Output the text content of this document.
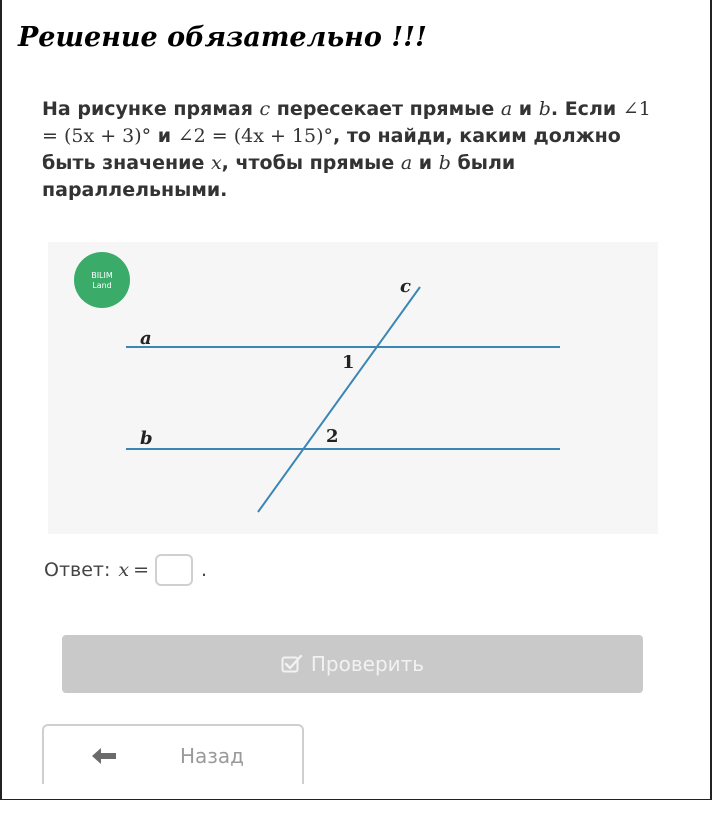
Решение обязательно !!!
На рисунке прямая c пересекает прямые a и b. Если ∠1 = (5x + 3)° и ∠2 = (4x + 15)°, то найди, каким должно быть значение x, чтобы прямые a и b были параллельными.
BILIM
Land
a
b
c
1
2
Ответ: x =	.
Проверить
Назад
